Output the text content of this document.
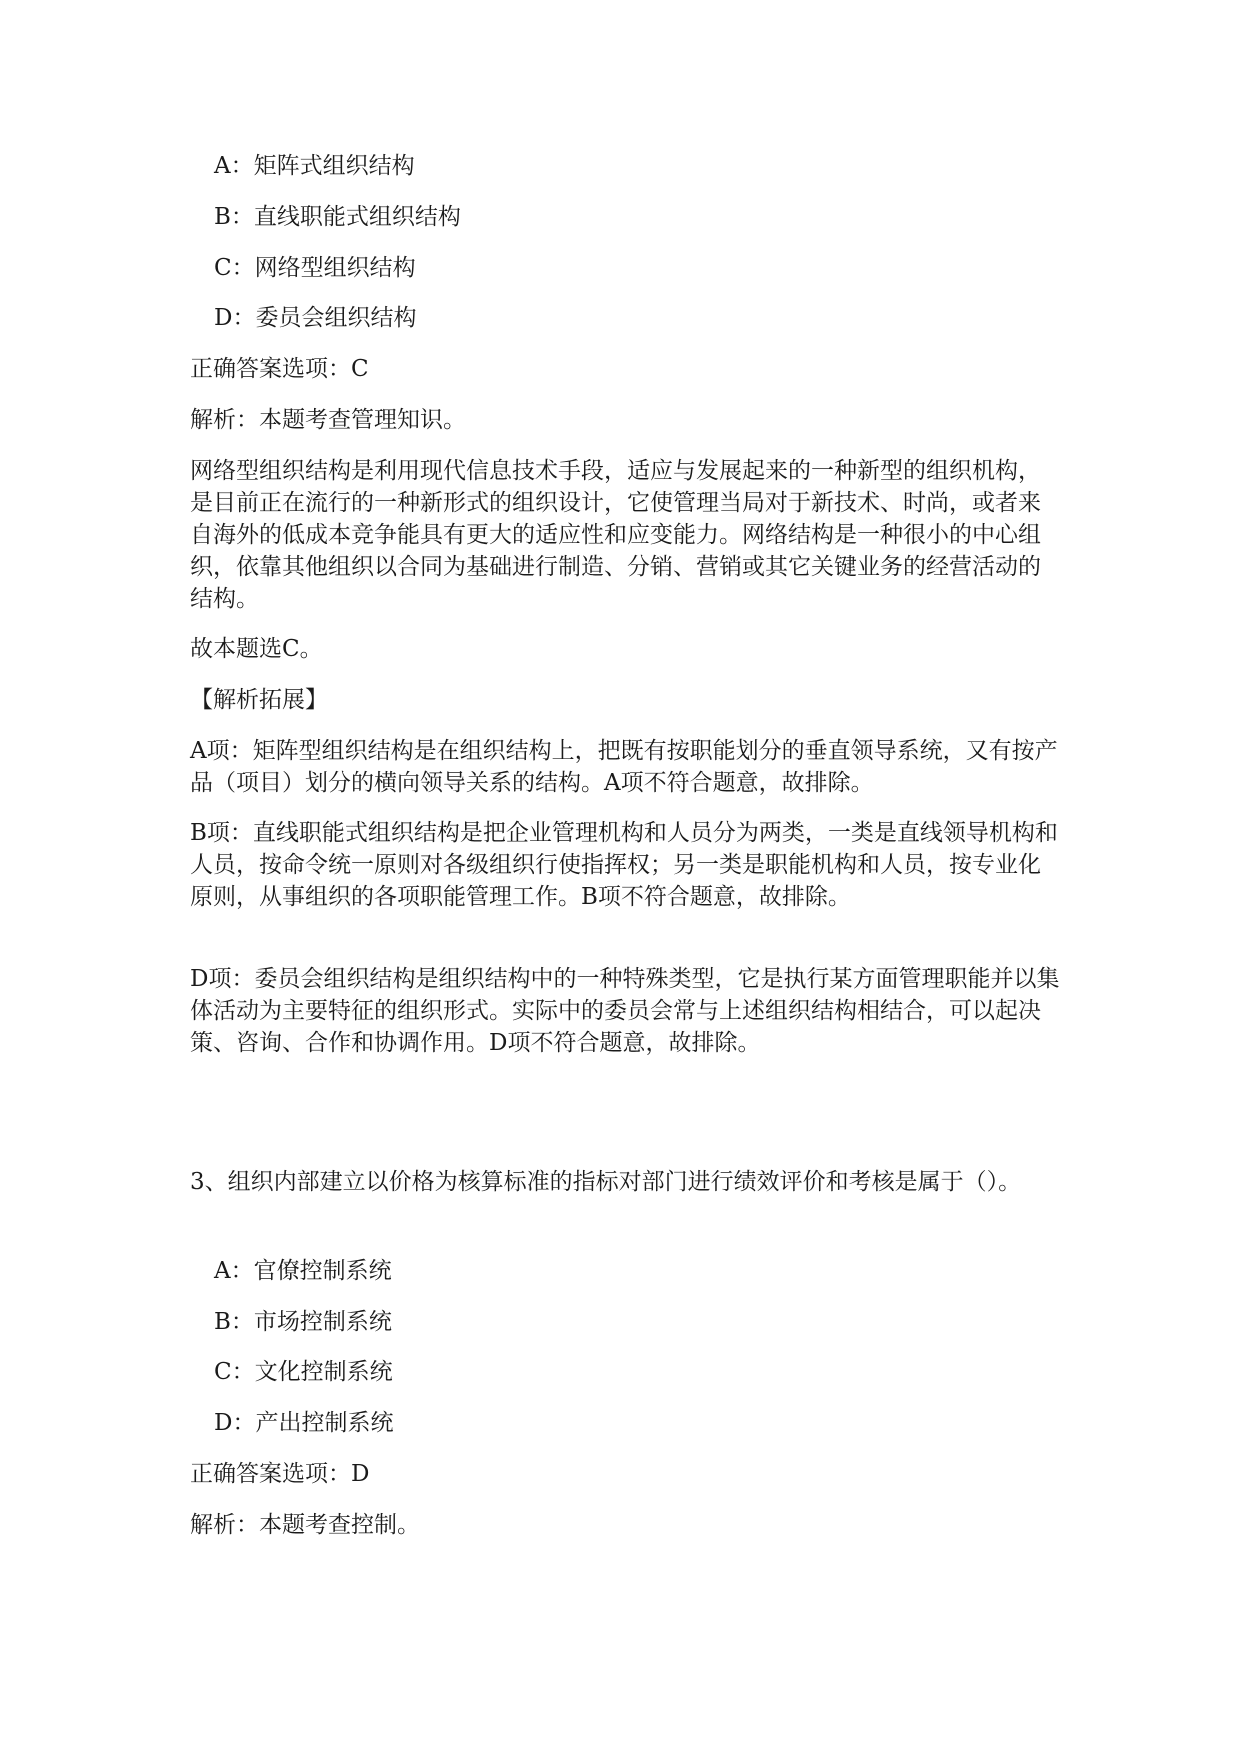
A：矩阵式组织结构
B：直线职能式组织结构
C：网络型组织结构
D：委员会组织结构
正确答案选项：C
解析：本题考查管理知识。
网络型组织结构是利用现代信息技术手段，适应与发展起来的一种新型的组织机构，是目前正在流行的一种新形式的组织设计，它使管理当局对于新技术、时尚，或者来自海外的低成本竞争能具有更大的适应性和应变能力。网络结构是一种很小的中心组织，依靠其他组织以合同为基础进行制造、分销、营销或其它关键业务的经营活动的结构。
故本题选C。
【解析拓展】
A项：矩阵型组织结构是在组织结构上，把既有按职能划分的垂直领导系统，又有按产品（项目）划分的横向领导关系的结构。A项不符合题意，故排除。
B项：直线职能式组织结构是把企业管理机构和人员分为两类，一类是直线领导机构和人员，按命令统一原则对各级组织行使指挥权；另一类是职能机构和人员，按专业化原则，从事组织的各项职能管理工作。B项不符合题意，故排除。
D项：委员会组织结构是组织结构中的一种特殊类型，它是执行某方面管理职能并以集体活动为主要特征的组织形式。实际中的委员会常与上述组织结构相结合，可以起决策、咨询、合作和协调作用。D项不符合题意，故排除。
3、组织内部建立以价格为核算标准的指标对部门进行绩效评价和考核是属于（）。
A：官僚控制系统
B：市场控制系统
C：文化控制系统
D：产出控制系统
正确答案选项：D
解析：本题考查控制。
